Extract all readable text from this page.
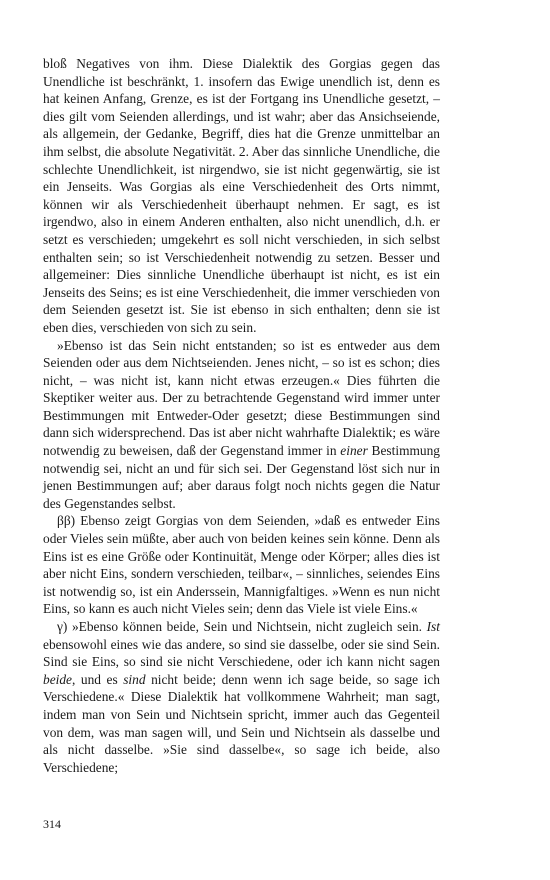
bloß Negatives von ihm. Diese Dialektik des Gorgias gegen das Unendliche ist beschränkt, 1. insofern das Ewige unendlich ist, denn es hat keinen Anfang, Grenze, es ist der Fortgang ins Unendliche gesetzt, – dies gilt vom Seienden allerdings, und ist wahr; aber das Ansichseiende, als allgemein, der Gedanke, Begriff, dies hat die Grenze unmittelbar an ihm selbst, die absolute Negativität. 2. Aber das sinnliche Unendliche, die schlechte Unendlichkeit, ist nirgendwo, sie ist nicht gegenwärtig, sie ist ein Jenseits. Was Gorgias als eine Verschiedenheit des Orts nimmt, können wir als Verschiedenheit überhaupt nehmen. Er sagt, es ist irgendwo, also in einem Anderen enthalten, also nicht unendlich, d.h. er setzt es verschieden; umgekehrt es soll nicht verschieden, in sich selbst enthalten sein; so ist Verschiedenheit notwendig zu setzen. Besser und allgemeiner: Dies sinnliche Unendliche überhaupt ist nicht, es ist ein Jenseits des Seins; es ist eine Verschiedenheit, die immer verschieden von dem Seienden gesetzt ist. Sie ist ebenso in sich enthalten; denn sie ist eben dies, verschieden von sich zu sein.

»Ebenso ist das Sein nicht entstanden; so ist es entweder aus dem Seienden oder aus dem Nichtseienden. Jenes nicht, – so ist es schon; dies nicht, – was nicht ist, kann nicht etwas erzeugen.« Dies führten die Skeptiker weiter aus. Der zu betrachtende Gegenstand wird immer unter Bestimmungen mit Entweder-Oder gesetzt; diese Bestimmungen sind dann sich widersprechend. Das ist aber nicht wahrhafte Dialektik; es wäre notwendig zu beweisen, daß der Gegenstand immer in einer Bestimmung notwendig sei, nicht an und für sich sei. Der Gegenstand löst sich nur in jenen Bestimmungen auf; aber daraus folgt noch nichts gegen die Natur des Gegenstandes selbst.

ββ) Ebenso zeigt Gorgias von dem Seienden, »daß es entweder Eins oder Vieles sein müßte, aber auch von beiden keines sein könne. Denn als Eins ist es eine Größe oder Kontinuität, Menge oder Körper; alles dies ist aber nicht Eins, sondern verschieden, teilbar«, – sinnliches, seiendes Eins ist notwendig so, ist ein Anderssein, Mannigfaltiges. »Wenn es nun nicht Eins, so kann es auch nicht Vieles sein; denn das Viele ist viele Eins.«

γ) »Ebenso können beide, Sein und Nichtsein, nicht zugleich sein. Ist ebensowohl eines wie das andere, so sind sie dasselbe, oder sie sind Sein. Sind sie Eins, so sind sie nicht Verschiedene, oder ich kann nicht sagen beide, und es sind nicht beide; denn wenn ich sage beide, so sage ich Verschiedene.« Diese Dialektik hat vollkommene Wahrheit; man sagt, indem man von Sein und Nichtsein spricht, immer auch das Gegenteil von dem, was man sagen will, und Sein und Nichtsein als dasselbe und als nicht dasselbe. »Sie sind dasselbe«, so sage ich beide, also Verschiedene;

314
